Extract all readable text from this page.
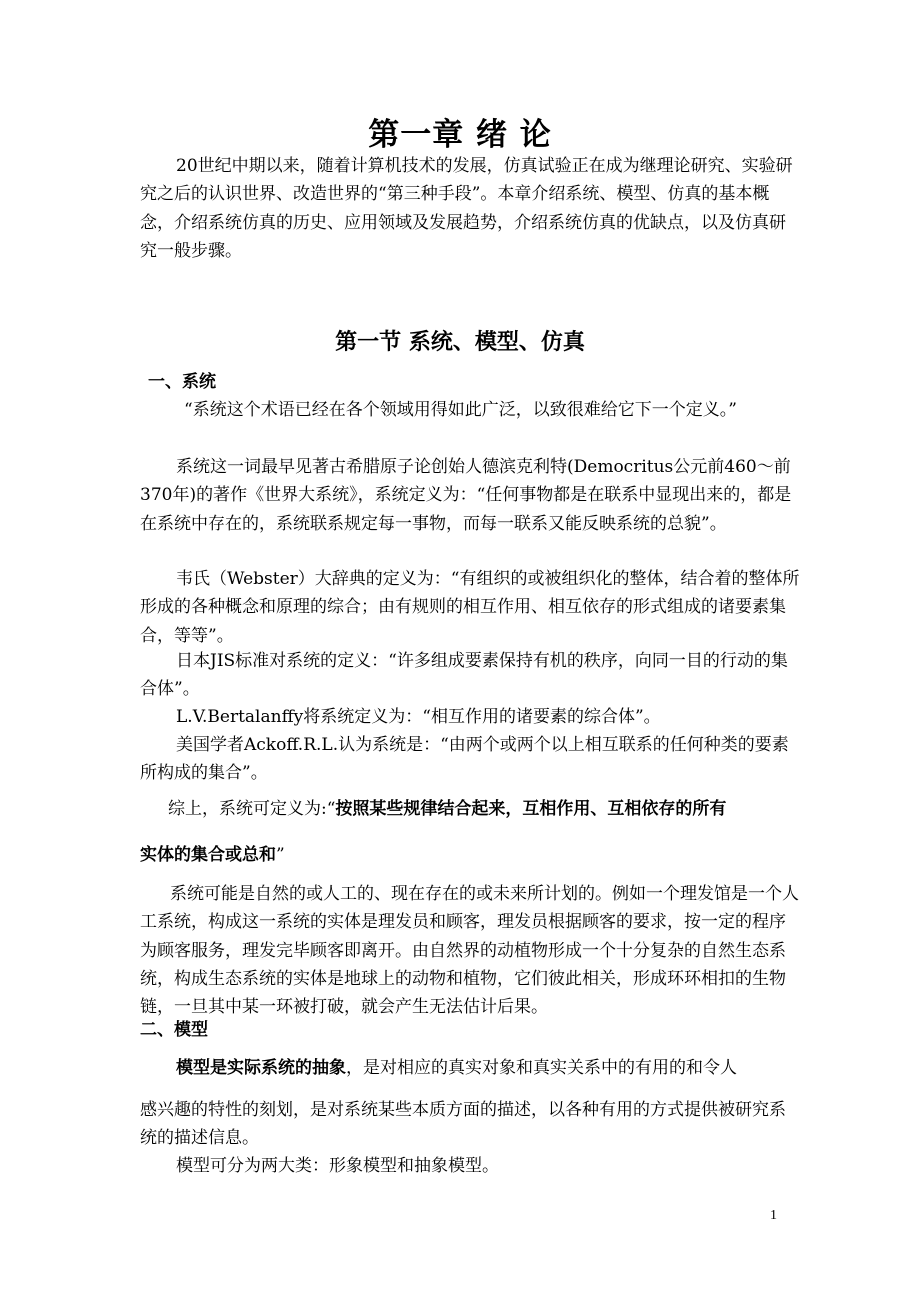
第一章 绪 论

20世纪中期以来，随着计算机技术的发展，仿真试验正在成为继理论研究、实验研究之后的认识世界、改造世界的“第三种手段”。本章介绍系统、模型、仿真的基本概念，介绍系统仿真的历史、应用领域及发展趋势，介绍系统仿真的优缺点，以及仿真研究一般步骤。

第一节 系统、模型、仿真
一、系统

“系统这个术语已经在各个领域用得如此广泛，以致很难给它下一个定义。”

系统这一词最早见著古希腊原子论创始人德滨克利特(Democritus公元前460～前370年)的著作《世界大系统》，系统定义为：“任何事物都是在联系中显现出来的，都是在系统中存在的，系统联系规定每一事物，而每一联系又能反映系统的总貌”。

韦氏（Webster）大辞典的定义为：“有组织的或被组织化的整体，结合着的整体所形成的各种概念和原理的综合；由有规则的相互作用、相互依存的形式组成的诸要素集合，等等”。

日本JIS标准对系统的定义：“许多组成要素保持有机的秩序，向同一目的行动的集合体”。

L.V.Bertalanffy将系统定义为：“相互作用的诸要素的综合体”。

美国学者Ackoff.R.L.认为系统是：“由两个或两个以上相互联系的任何种类的要素所构成的集合”。

综上，系统可定义为:“按照某些规律结合起来，互相作用、互相依存的所有
实体的集合或总和”

系统可能是自然的或人工的、现在存在的或未来所计划的。例如一个理发馆是一个人工系统，构成这一系统的实体是理发员和顾客，理发员根据顾客的要求，按一定的程序为顾客服务，理发完毕顾客即离开。由自然界的动植物形成一个十分复杂的自然生态系统，构成生态系统的实体是地球上的动物和植物，它们彼此相关，形成环环相扣的生物链，一旦其中某一环被打破，就会产生无法估计后果。

二、模型
模型是实际系统的抽象，是对相应的真实对象和真实关系中的有用的和令人

感兴趣的特性的刻划，是对系统某些本质方面的描述，以各种有用的方式提供被研究系统的描述信息。

模型可分为两大类：形象模型和抽象模型。

1
